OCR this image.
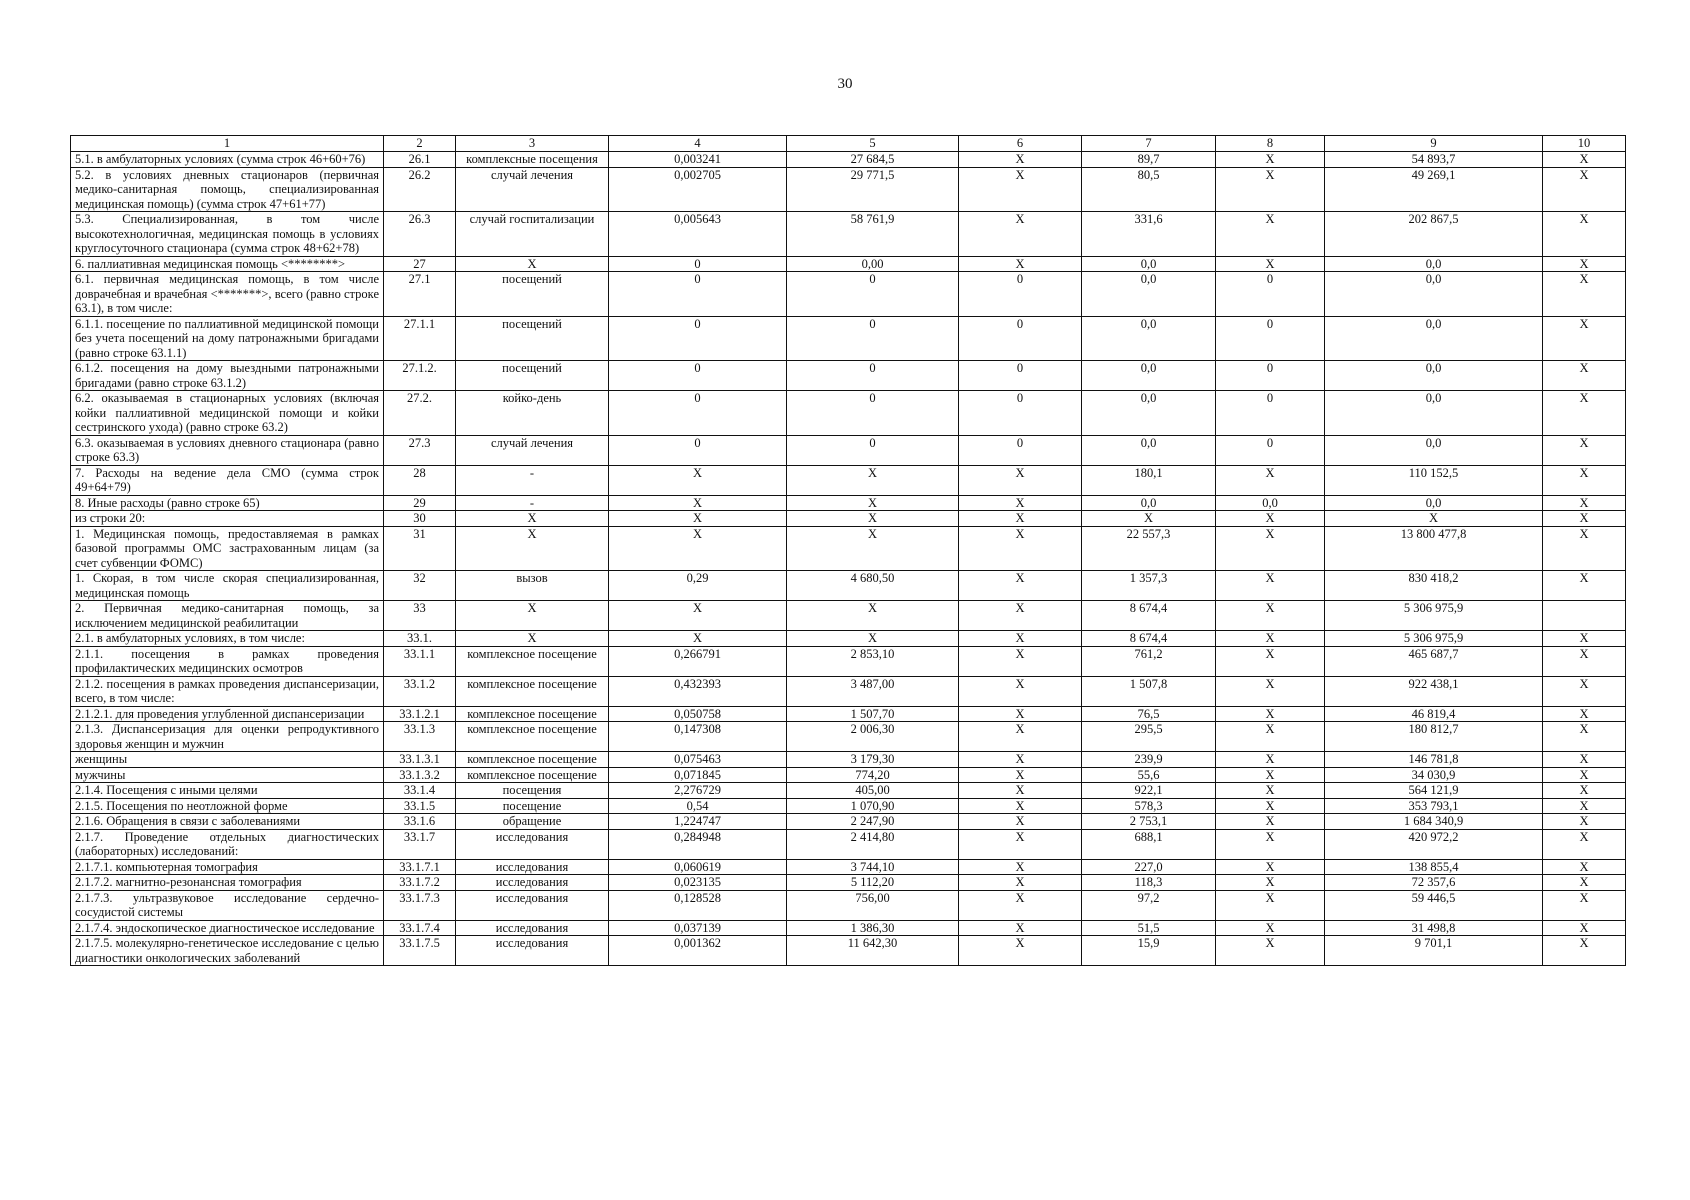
30
1	2	3	4	5	6	7	8	9	10
5.1. в амбулаторных условиях (сумма строк 46+60+76)	26.1	комплексные посещения	0,003241	27 684,5	X	89,7	X	54 893,7	X
5.2. в условиях дневных стационаров (первичная медико-санитарная помощь, специализированная медицинская помощь) (сумма строк 47+61+77)	26.2	случай лечения	0,002705	29 771,5	X	80,5	X	49 269,1	X
5.3. Специализированная, в том числе высокотехнологичная, медицинская помощь в условиях круглосуточного стационара (сумма строк 48+62+78)	26.3	случай госпитализации	0,005643	58 761,9	X	331,6	X	202 867,5	X
6. паллиативная медицинская помощь <********>	27	X	0	0,00	X	0,0	X	0,0	X
6.1. первичная медицинская помощь, в том числе доврачебная и врачебная <*******>, всего (равно строке 63.1), в том числе:	27.1	посещений	0	0	0	0,0	0	0,0	X
6.1.1. посещение по паллиативной медицинской помощи без учета посещений на дому патронажными бригадами (равно строке 63.1.1)	27.1.1	посещений	0	0	0	0,0	0	0,0	X
6.1.2. посещения на дому выездными патронажными бригадами (равно строке 63.1.2)	27.1.2.	посещений	0	0	0	0,0	0	0,0	X
6.2. оказываемая в стационарных условиях (включая койки паллиативной медицинской помощи и койки сестринского ухода) (равно строке 63.2)	27.2.	койко-день	0	0	0	0,0	0	0,0	X
6.3. оказываемая в условиях дневного стационара (равно строке 63.3)	27.3	случай лечения	0	0	0	0,0	0	0,0	X
7. Расходы на ведение дела СМО (сумма строк 49+64+79)	28	-	X	X	X	180,1	X	110 152,5	X
8. Иные расходы (равно строке 65)	29	-	X	X	X	0,0	0,0	0,0	X
из строки 20:	30	X	X	X	X	X	X	X	X
1. Медицинская помощь, предоставляемая в рамках базовой программы ОМС застрахованным лицам (за счет субвенции ФОМС)	31	X	X	X	X	22 557,3	X	13 800 477,8	X
1. Скорая, в том числе скорая специализированная, медицинская помощь	32	вызов	0,29	4 680,50	X	1 357,3	X	830 418,2	X
2. Первичная медико-санитарная помощь, за исключением медицинской реабилитации	33	X	X	X	X	8 674,4	X	5 306 975,9	
2.1. в амбулаторных условиях, в том числе:	33.1.	X	X	X	X	8 674,4	X	5 306 975,9	X
2.1.1. посещения в рамках проведения профилактических медицинских осмотров	33.1.1	комплексное посещение	0,266791	2 853,10	X	761,2	X	465 687,7	X
2.1.2. посещения в рамках проведения диспансеризации, всего, в том числе:	33.1.2	комплексное посещение	0,432393	3 487,00	X	1 507,8	X	922 438,1	X
2.1.2.1. для проведения углубленной диспансеризации	33.1.2.1	комплексное посещение	0,050758	1 507,70	X	76,5	X	46 819,4	X
2.1.3. Диспансеризация для оценки репродуктивного здоровья женщин и мужчин	33.1.3	комплексное посещение	0,147308	2 006,30	X	295,5	X	180 812,7	X
женщины	33.1.3.1	комплексное посещение	0,075463	3 179,30	X	239,9	X	146 781,8	X
мужчины	33.1.3.2	комплексное посещение	0,071845	774,20	X	55,6	X	34 030,9	X
2.1.4. Посещения с иными целями	33.1.4	посещения	2,276729	405,00	X	922,1	X	564 121,9	X
2.1.5. Посещения по неотложной форме	33.1.5	посещение	0,54	1 070,90	X	578,3	X	353 793,1	X
2.1.6. Обращения в связи с заболеваниями	33.1.6	обращение	1,224747	2 247,90	X	2 753,1	X	1 684 340,9	X
2.1.7. Проведение отдельных диагностических (лабораторных) исследований:	33.1.7	исследования	0,284948	2 414,80	X	688,1	X	420 972,2	X
2.1.7.1. компьютерная томография	33.1.7.1	исследования	0,060619	3 744,10	X	227,0	X	138 855,4	X
2.1.7.2. магнитно-резонансная томография	33.1.7.2	исследования	0,023135	5 112,20	X	118,3	X	72 357,6	X
2.1.7.3. ультразвуковое исследование сердечно-сосудистой системы	33.1.7.3	исследования	0,128528	756,00	X	97,2	X	59 446,5	X
2.1.7.4. эндоскопическое диагностическое исследование	33.1.7.4	исследования	0,037139	1 386,30	X	51,5	X	31 498,8	X
2.1.7.5. молекулярно-генетическое исследование с целью диагностики онкологических заболеваний	33.1.7.5	исследования	0,001362	11 642,30	X	15,9	X	9 701,1	X
